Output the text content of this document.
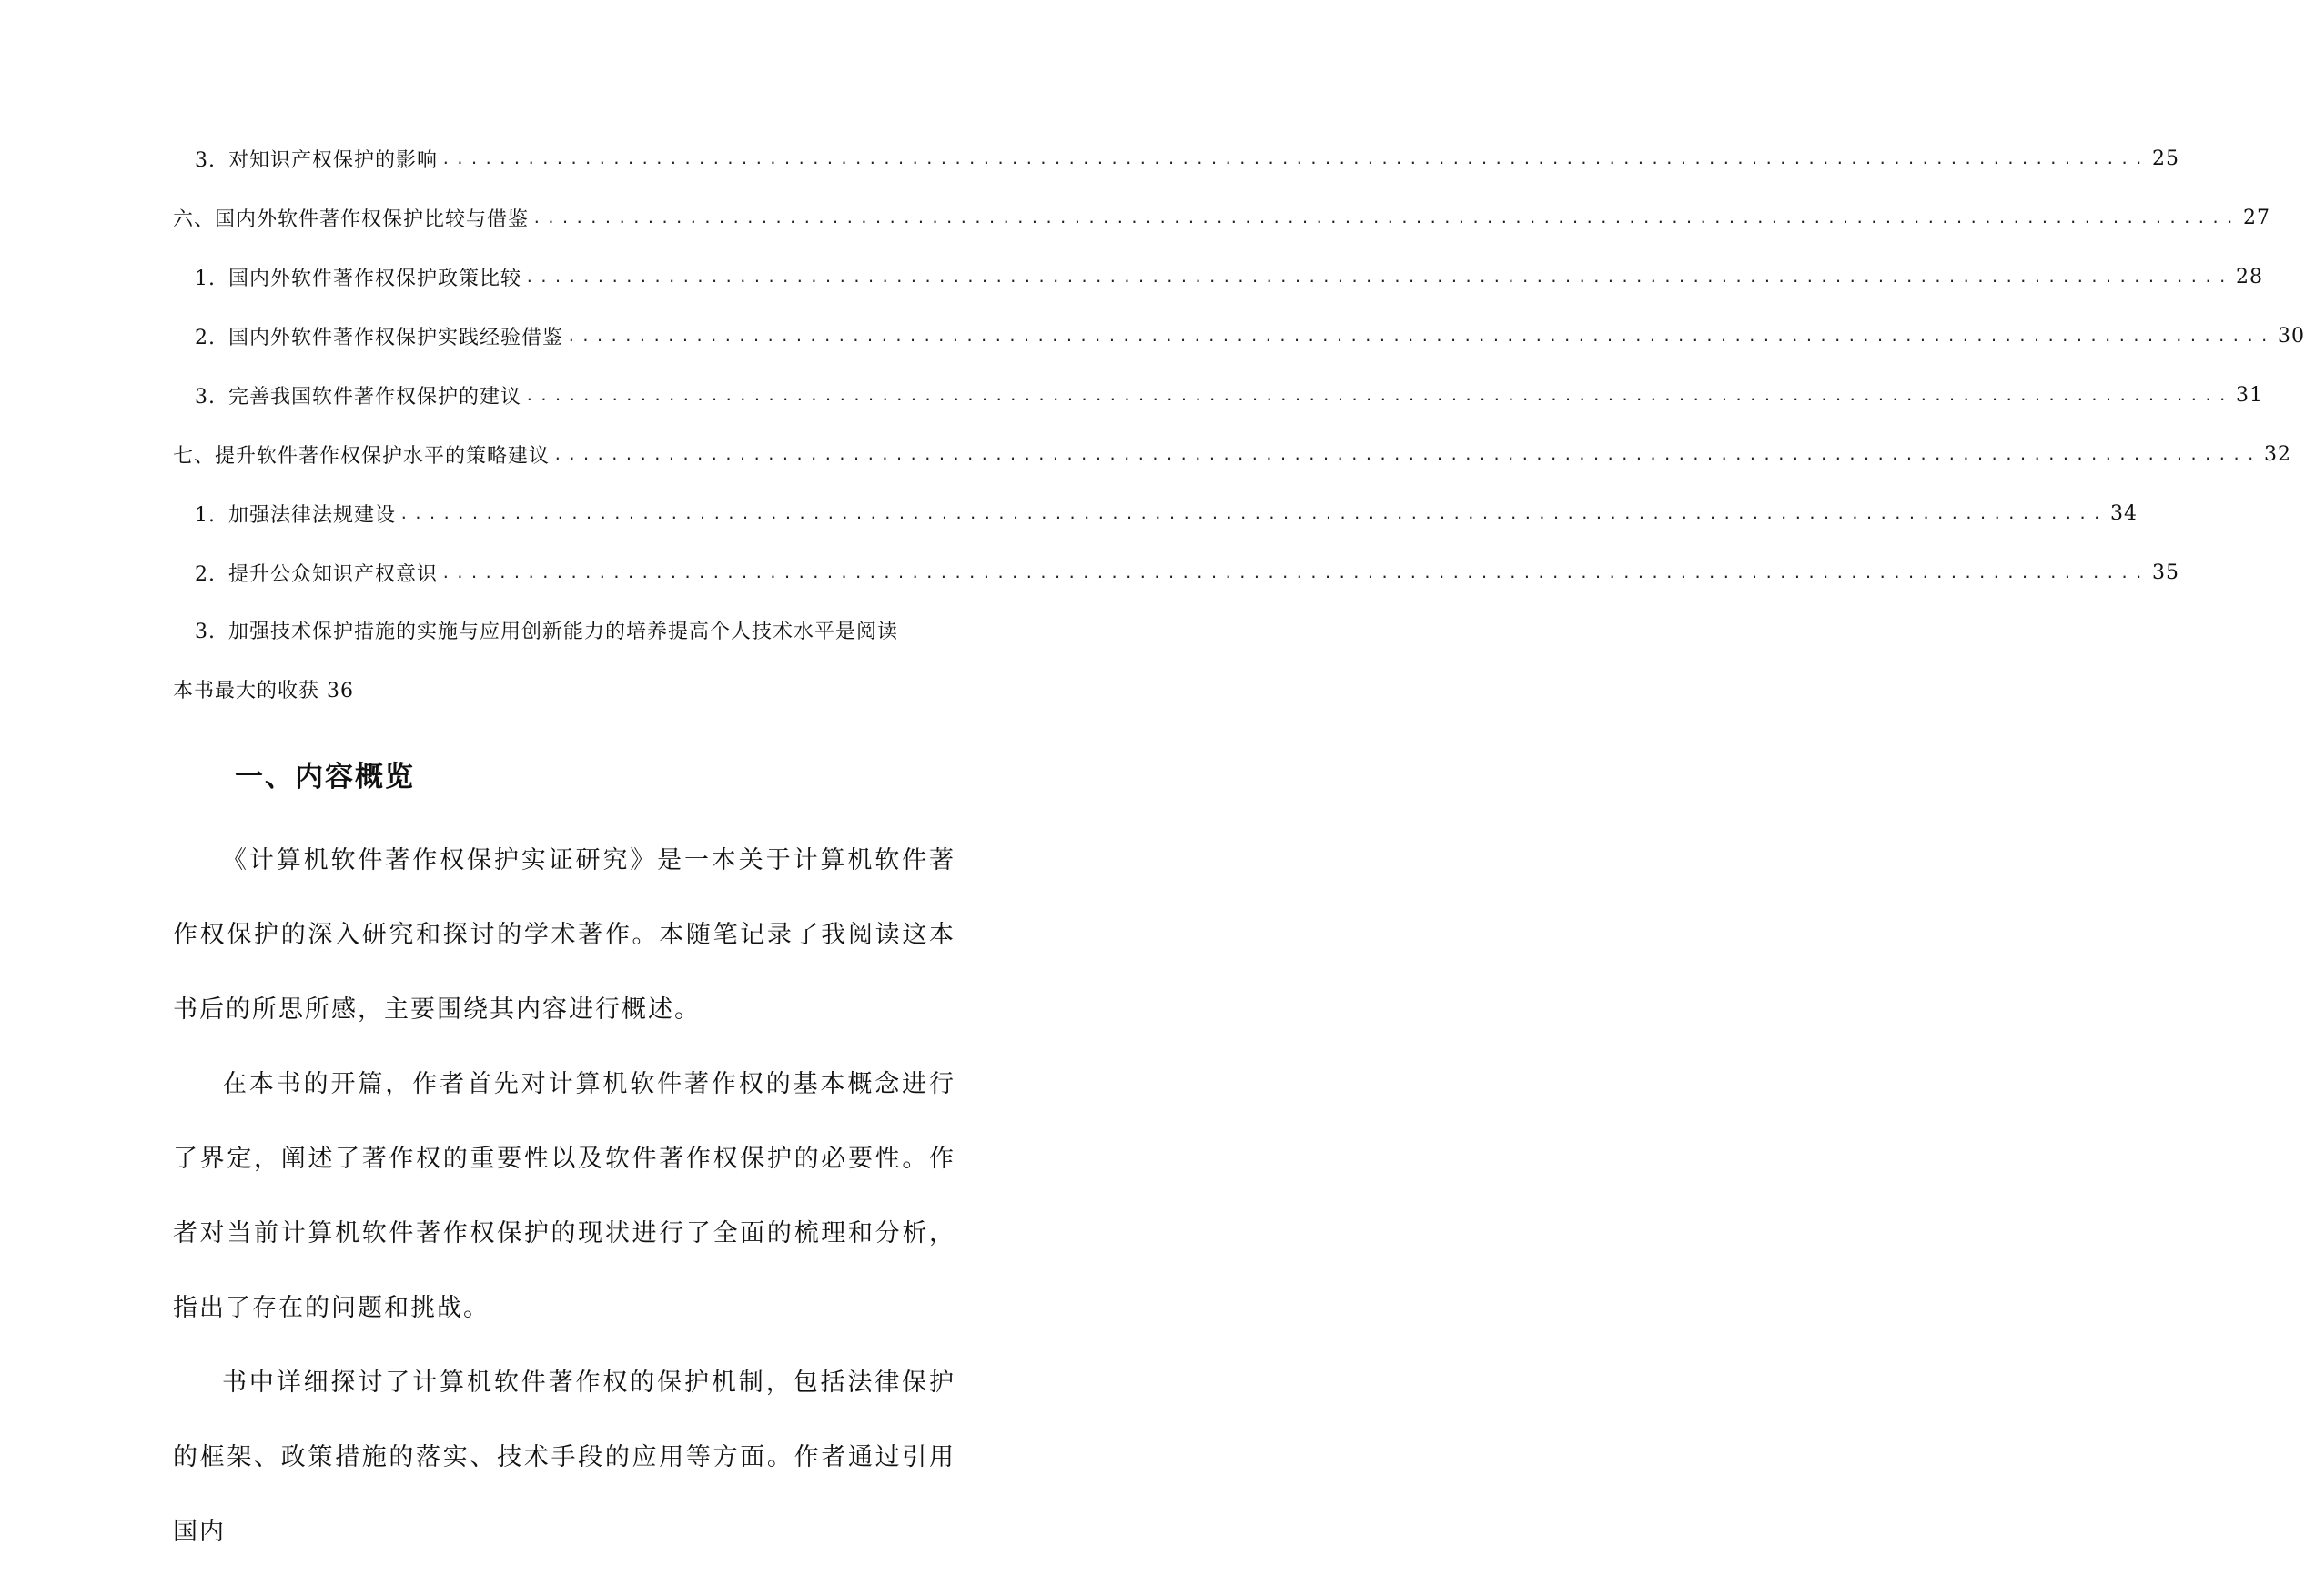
3. 对知识产权保护的影响 ........................................................................................................................ 25
六、国内外软件著作权保护比较与借鉴 ........................................................................................................................ 27
1. 国内外软件著作权保护政策比较 ........................................................................................................................ 28
2. 国内外软件著作权保护实践经验借鉴 ........................................................................................................................ 30
3. 完善我国软件著作权保护的建议 ........................................................................................................................ 31
七、提升软件著作权保护水平的策略建议 ........................................................................................................................ 32
1. 加强法律法规建设 ........................................................................................................................ 34
2. 提升公众知识产权意识 ........................................................................................................................ 35
3. 加强技术保护措施的实施与应用创新能力的培养提高个人技术水平是阅读
本书最大的收获 36
一、内容概览

《计算机软件著作权保护实证研究》是一本关于计算机软件著作权保护的深入研究和探讨的学术著作。本随笔记录了我阅读这本书后的所思所感，主要围绕其内容进行概述。

在本书的开篇，作者首先对计算机软件著作权的基本概念进行了界定，阐述了著作权的重要性以及软件著作权保护的必要性。作者对当前计算机软件著作权保护的现状进行了全面的梳理和分析，指出了存在的问题和挑战。

书中详细探讨了计算机软件著作权的保护机制，包括法律保护的框架、政策措施的落实、技术手段的应用等方面。作者通过引用国内
